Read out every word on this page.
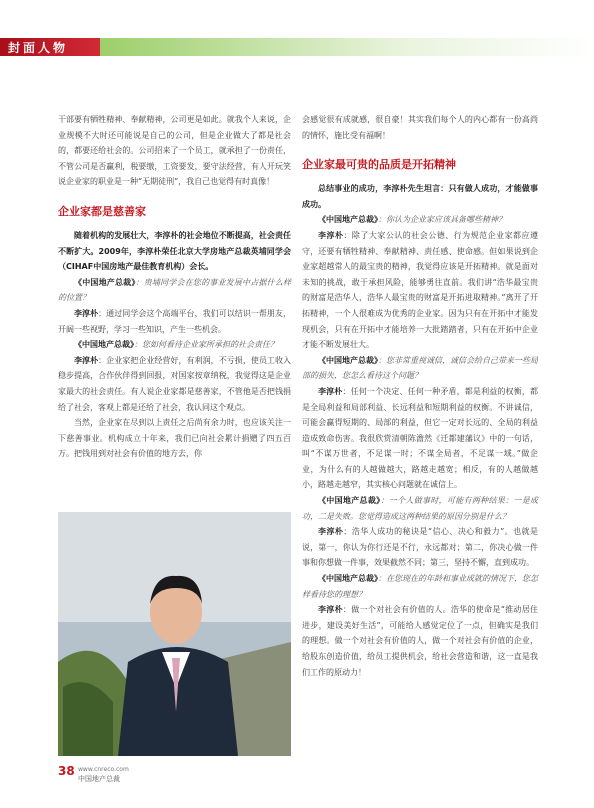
封面人物

干部要有牺牲精神、奉献精神，公司更是如此。就我个人来说，企业规模不大时还可能说是自己的公司，但是企业做大了都是社会的，都要还给社会的。公司招来了一个员工，就承担了一份责任，不管公司是否赢利，税要缴，工资要发，要守法经营，有人开玩笑说企业家的职业是一种“无期徒刑”，我自己也觉得有时真像！

企业家都是慈善家

随着机构的发展壮大，李淳朴的社会地位不断提高，社会责任不断扩大。2009年，李淳朴荣任北京大学房地产总裁英埔同学会（CIHAF中国房地产最佳教育机构）会长。

《中国地产总裁》：贵埔同学会在您的事业发展中占据什么样的位置？

李淳朴：通过同学会这个高端平台，我们可以结识一帮朋友，开阔一些视野，学习一些知识，产生一些机会。

《中国地产总裁》：您如何看待企业家所承担的社会责任？

李淳朴：企业家把企业经营好，有利润，不亏损，使员工收入稳步提高，合作伙伴得到回报，对国家按章纳税，我觉得这是企业家最大的社会责任。有人说企业家都是慈善家，不管他是否把钱捐给了社会，客观上都是还给了社会，我认同这个观点。

当然，企业家在尽到以上责任之后尚有余力时，也应该关注一下慈善事业。机构成立十年来，我们已向社会累计捐赠了四五百万。把钱用到对社会有价值的地方去，你

会感觉很有成就感，很自豪！其实我们每个人的内心都有一份高尚的情怀，施比受有福啊！

企业家最可贵的品质是开拓精神

总结事业的成功，李淳朴先生坦言：只有做人成功，才能做事成功。

《中国地产总裁》：你认为企业家应该具备哪些精神？

李淳朴：除了大家公认的社会公德、行为规范企业家都应遵守，还要有牺牲精神、奉献精神、责任感、使命感。但如果说到企业家超越常人的最宝贵的精神，我觉得应该是开拓精神。就是面对未知的挑战，敢于承担风险，能够勇往直前。我们讲“浩华最宝贵的财富是浩华人，浩华人最宝贵的财富是开拓进取精神。”离开了开拓精神，一个人很难成为优秀的企业家。因为只有在开拓中才能发现机会，只有在开拓中才能培养一大批踏踏者，只有在开拓中企业才能不断发展壮大。

《中国地产总裁》：您非常重视诚信，诚信会给自己带来一些局部的损失，您怎么看待这个问题？

李淳朴：任何一个决定、任何一种矛盾，都是利益的权衡，都是全局利益和局部利益、长远利益和短期利益的权衡。不讲诚信，可能会赢得短期的、局部的利益，但它一定对长远的、全局的利益造成致命伤害。我很欣赏清朝陈澹然《迁都建藩议》中的一句话，叫“不谋万世者，不足谋一时；不谋全局者，不足谋一域。”做企业，为什么有的人越做越大，路越走越宽；相反，有的人越做越小，路越走越窄，其实核心问题就在诚信上。

《中国地产总裁》：一个人做事时，可能有两种结果：一是成功，二是失败。您觉得造成这两种结果的原因分别是什么？

李淳朴：浩华人成功的秘诀是“信心、决心和毅力”。也就是说，第一，你认为你行还是不行，永远都对；第二，你决心做一件事和你想做一件事，效果截然不同；第三，坚持不懈，直到成功。

《中国地产总裁》：在您现在的年龄和事业成就的情况下，您怎样看待您的理想？

李淳朴：做一个对社会有价值的人。浩华的使命是“推动居住进步，建设美好生活”，可能给人感觉定位了一点，但确实是我们的理想。做一个对社会有价值的人，做一个对社会有价值的企业，给股东创造价值，给员工提供机会，给社会营造和谐，这一直是我们工作的原动力！

38 www.cnreco.com
中国地产总裁
